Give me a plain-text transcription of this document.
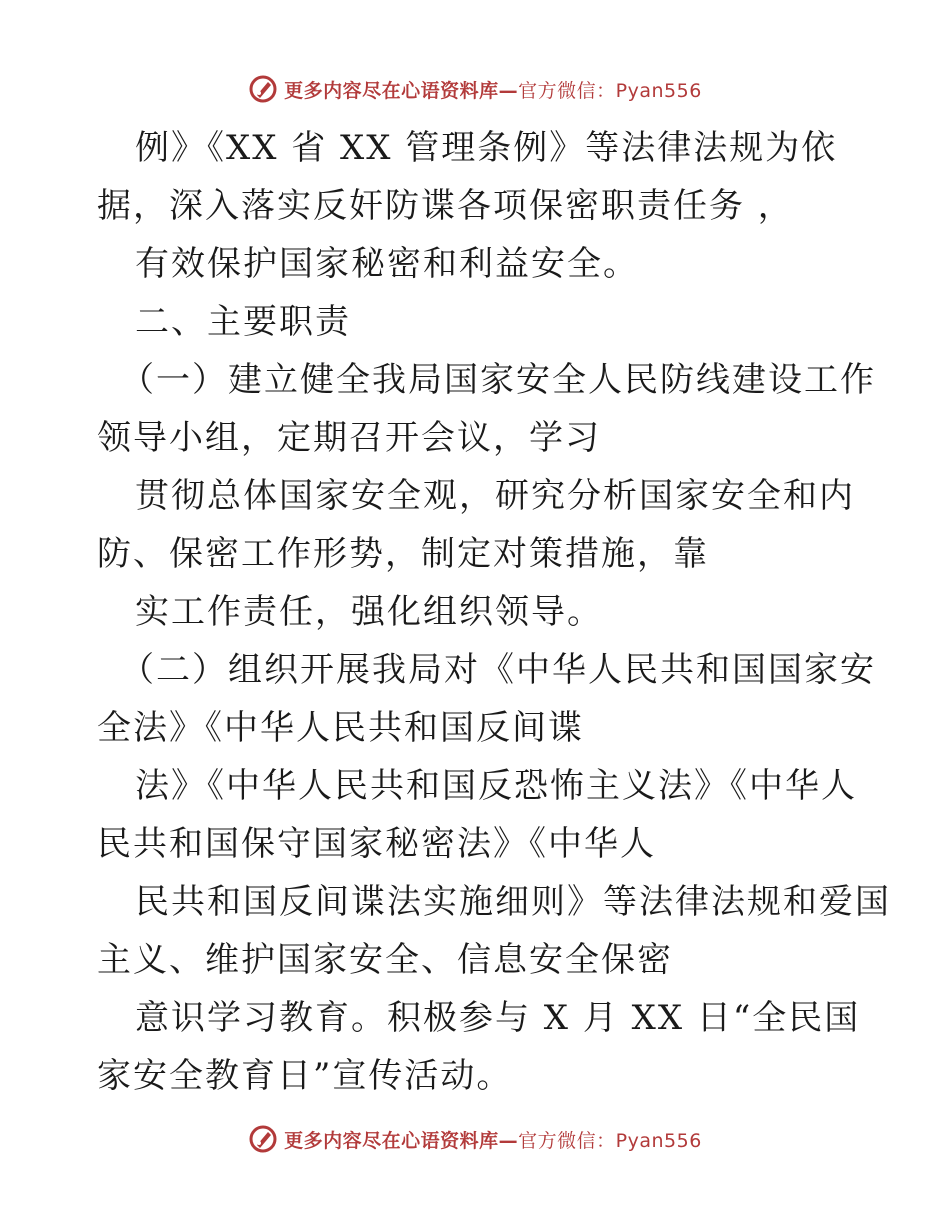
更多内容尽在心语资料库— 官方微信：Pyan556
例》《XX 省 XX 管理条例》等法律法规为依
据，深入落实反奸防谍各项保密职责任务 ，
有效保护国家秘密和利益安全。
二、主要职责
（一）建立健全我局国家安全人民防线建设工作
领导小组，定期召开会议，学习
贯彻总体国家安全观，研究分析国家安全和内
防、保密工作形势，制定对策措施，靠
实工作责任，强化组织领导。
（二）组织开展我局对《中华人民共和国国家安
全法》《中华人民共和国反间谍
法》《中华人民共和国反恐怖主义法》《中华人
民共和国保守国家秘密法》《中华人
民共和国反间谍法实施细则》等法律法规和爱国
主义、维护国家安全、信息安全保密
意识学习教育。积极参与 X 月 XX 日“全民国
家安全教育日”宣传活动。
更多内容尽在心语资料库— 官方微信：Pyan556
